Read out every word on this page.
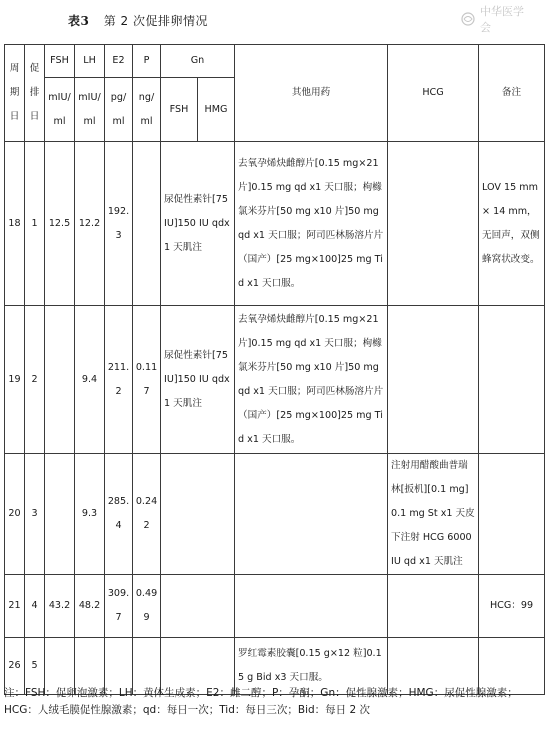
表3 第 2 次促排卵情况
中华医学会
周期日	促排日	FSH	LH	E2	P	Gn		其他用药	HCG	备注
		mIU/ml	mIU/ml	pg/ml	ng/ml	FSH	HMG			

18	1	12.5	12.2	192.3		尿促性素针[75 IU]150 IU qdx1 天肌注		去氧孕烯炔雌醇片[0.15 mg×21 片]0.15 mg qd x1 天口服；枸橼氯米芬片[50 mg x10 片]50 mg qd x1 天口服；阿司匹林肠溶片片（国产）[25 mg×100]25 mg Tid x1 天口服。		LOV 15 mm × 14 mm，无回声，双侧蜂窝状改变。
19	2		9.4	211.2	0.117	尿促性素针[75 IU]150 IU qdx1 天肌注		去氧孕烯炔雌醇片[0.15 mg×21 片]0.15 mg qd x1 天口服；枸橼氯米芬片[50 mg x10 片]50 mg qd x1 天口服；阿司匹林肠溶片片（国产）[25 mg×100]25 mg Tid x1 天口服。		
20	3		9.3	285.4	0.242				注射用醋酸曲普瑞林[扳机][0.1 mg]0.1 mg St x1 天皮下注射 HCG 6000 IU qd x1 天肌注	
21	4	43.2	48.2	309.7	0.499					HCG：99
26	5							罗红霉素胶囊[0.15 g×12 粒]0.15 g Bid x3 天口服。		
注：FSH：促卵泡激素；LH：黄体生成素；E2：雌二醇；P：孕酮；Gn：促性腺激素；HMG：尿促性腺激素；HCG：人绒毛膜促性腺激素；qd：每日一次；Tid：每日三次；Bid：每日 2 次
